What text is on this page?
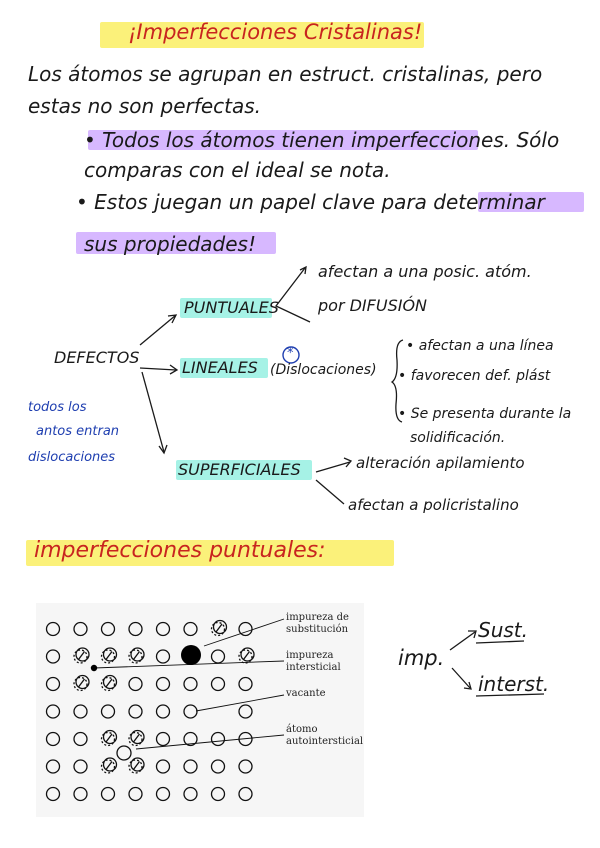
¡Imperfecciones Cristalinas!
Los átomos se agrupan en estruct. cristalinas, pero
estas no son perfectas.
• Todos los átomos tienen imperfecciones. Sólo
comparas con el ideal se nota.
• Estos juegan un papel clave para determinar
sus propiedades!
DEFECTOS
todos los
antos entran
dislocaciones
PUNTUALES
afectan a una posic. atóm.
por DIFUSIÓN
LINEALES
*
(Dislocaciones)
• afectan a una línea
• favorecen def. plást
• Se presenta durante la
solidificación.
SUPERFICIALES	alteración apilamiento
afectan a policristalino
imperfecciones puntuales:
impureza de
substitución
impureza
intersticial
vacante
átomo
autointersticial
imp.
Sust.
interst.
